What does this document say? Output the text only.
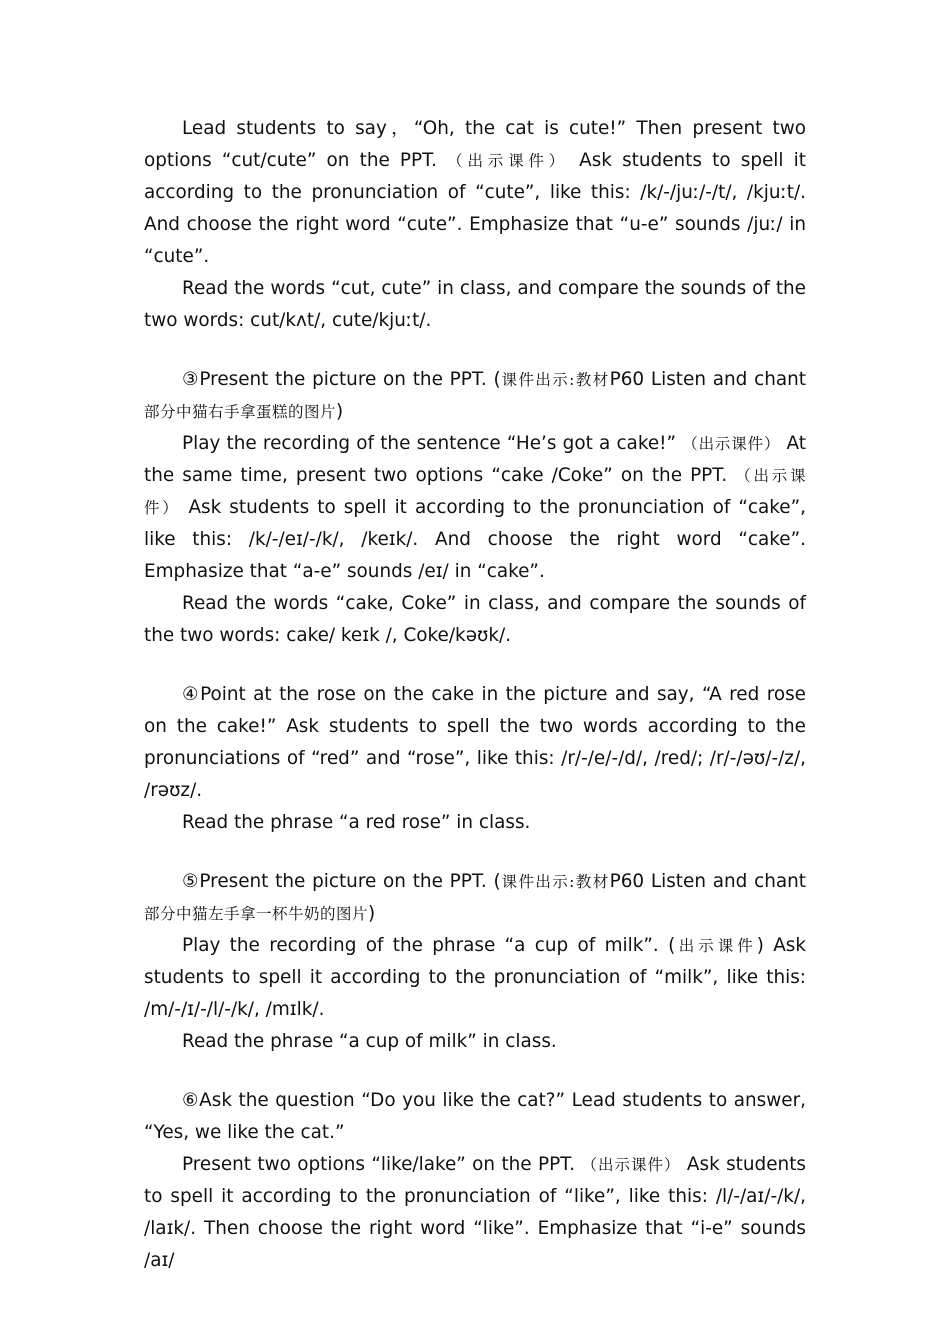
Lead students to say，“Oh, the cat is cute!” Then present two options “cut/cute” on the PPT. （出示课件） Ask students to spell it according to the pronunciation of “cute”, like this: /k/-/juː/-/t/, /kjuːt/. And choose the right word “cute”. Emphasize that “u-e” sounds /juː/ in “cute”.

Read the words “cut, cute” in class, and compare the sounds of the two words: cut/kʌt/, cute/kjuːt/.

③Present the picture on the PPT. (课件出示:教材P60 Listen and chant 部分中猫右手拿蛋糕的图片)

Play the recording of the sentence “He’s got a cake!” （出示课件） At the same time, present two options “cake /Coke” on the PPT. （出示课件） Ask students to spell it according to the pronunciation of “cake”, like this: /k/-/eɪ/-/k/, /keɪk/. And choose the right word “cake”. Emphasize that “a-e” sounds /eɪ/ in “cake”.

Read the words “cake, Coke” in class, and compare the sounds of the two words: cake/ keɪk /, Coke/kəʊk/.

④Point at the rose on the cake in the picture and say, “A red rose on the cake!” Ask students to spell the two words according to the pronunciations of “red” and “rose”, like this: /r/-/e/-/d/, /red/; /r/-/əʊ/-/z/, /rəʊz/.

Read the phrase “a red rose” in class.

⑤Present the picture on the PPT. (课件出示:教材P60 Listen and chant 部分中猫左手拿一杯牛奶的图片)

Play the recording of the phrase “a cup of milk”. (出示课件) Ask students to spell it according to the pronunciation of “milk”, like this: /m/-/ɪ/-/l/-/k/, /mɪlk/.

Read the phrase “a cup of milk” in class.

⑥Ask the question “Do you like the cat?” Lead students to answer, “Yes, we like the cat.”

Present two options “like/lake” on the PPT. （出示课件） Ask students to spell it according to the pronunciation of “like”, like this: /l/-/aɪ/-/k/, /laɪk/. Then choose the right word “like”. Emphasize that “i-e” sounds /aɪ/
